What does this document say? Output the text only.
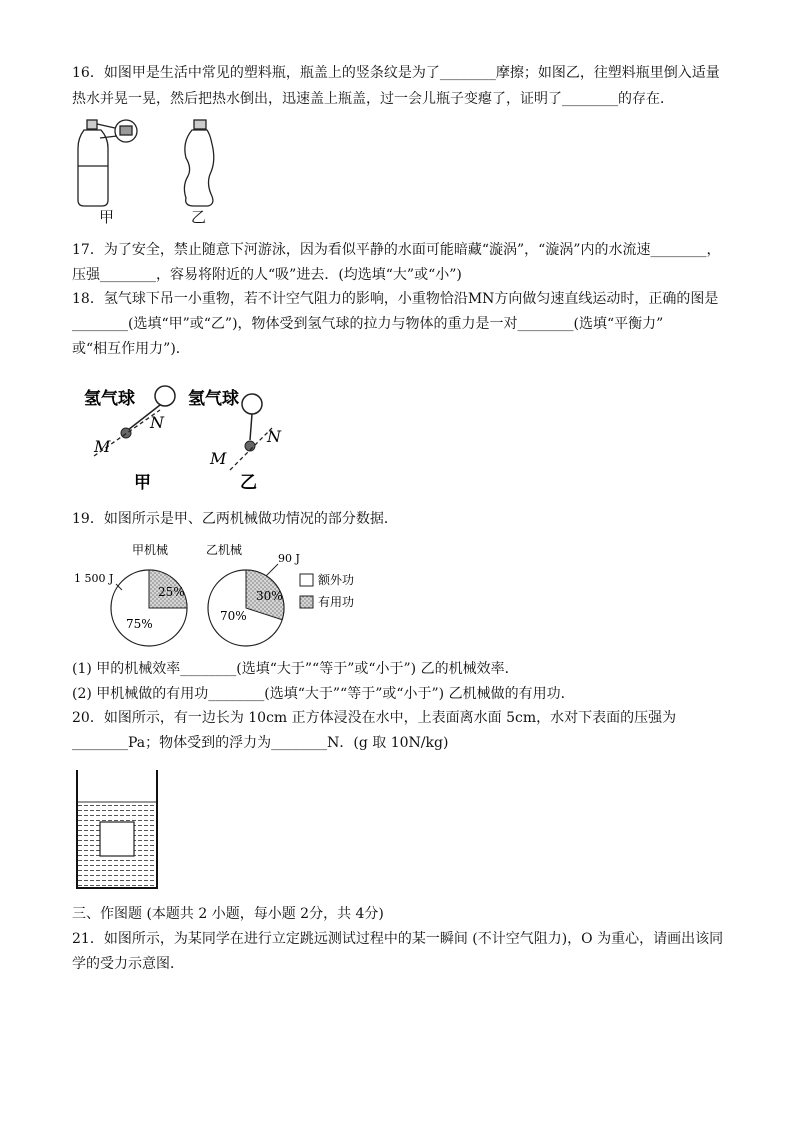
16．如图甲是生活中常见的塑料瓶，瓶盖上的竖条纹是为了________摩擦；如图乙，往塑料瓶里倒入适量
热水并晃一晃，然后把热水倒出，迅速盖上瓶盖，过一会儿瓶子变瘪了，证明了________的存在．
甲	乙
17．为了安全，禁止随意下河游泳，因为看似平静的水面可能暗藏“漩涡”，“漩涡”内的水流速________，
压强________，容易将附近的人“吸”进去．(均选填“大”或“小”)
18．氢气球下吊一小重物，若不计空气阻力的影响，小重物恰沿MN方向做匀速直线运动时，正确的图是
________(选填“甲”或“乙”)，物体受到氢气球的拉力与物体的重力是一对________(选填“平衡力”
或“相互作用力”)．
氢气球	氢气球
M
N
M
N
甲	乙
19．如图所示是甲、乙两机械做功情况的部分数据．
甲机械
1 500 J
25%
75%
乙机械
90 J
30%
70%
额外功
有用功
(1) 甲的机械效率________(选填“大于”“等于”或“小于”) 乙的机械效率．
(2) 甲机械做的有用功________(选填“大于”“等于”或“小于”) 乙机械做的有用功．
20．如图所示，有一边长为 10cm 正方体浸没在水中，上表面离水面 5cm，水对下表面的压强为
________Pa；物体受到的浮力为________N．(g 取 10N/kg)
三、作图题 (本题共 2 小题，每小题 2分，共 4分)
21．如图所示，为某同学在进行立定跳远测试过程中的某一瞬间 (不计空气阻力)，O 为重心，请画出该同
学的受力示意图．
